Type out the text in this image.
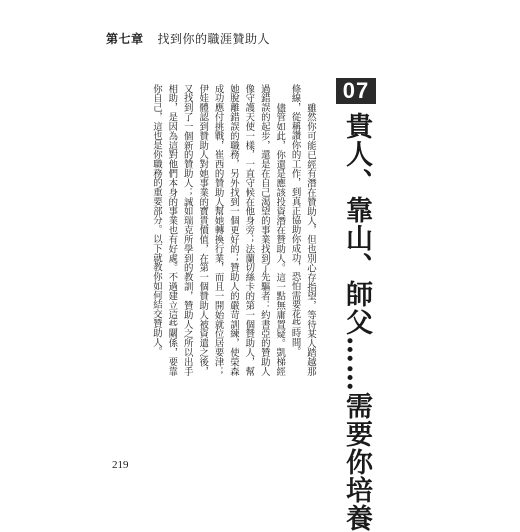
第七章 找到你的職涯贊助人
07
貴人、靠山、師父……需要你培養

雖然你可能已經有潛在贊助人，但也別心存指望，等待某人踏越那條線，從稱讚你的工作，到真正協助你成功，恐怕需要花些時間。

儘管如此，你還是應該投資潛在贊助人。這一點無庸置疑。凱梯經過錯誤的起步，還是在自己渴望的事業找到了先驅者：約書亞的贊助人像守護天使一樣，一直守候在他身旁；法蘭切絲卡的第一個贊助人，幫她脫離錯誤的職務，另外找到一個更好的；贊助人的嚴苛訓練，使榮森成功應付挑戰，崔西的贊助人幫她轉換行業，而且一開始就位居要津；伊娃體認到贊助人對她事業的寶貴價值，在第一個贊助人被資遣之後，又找到了一個新的贊助人；誠如瑞克所學到的教訓，贊助人之所以出手相助，是因為這對他們本身的事業也有好處。不過建立這些關係，要靠你自己，這也是你職務的重要部分。以下就教你如何結交贊助人。

219
